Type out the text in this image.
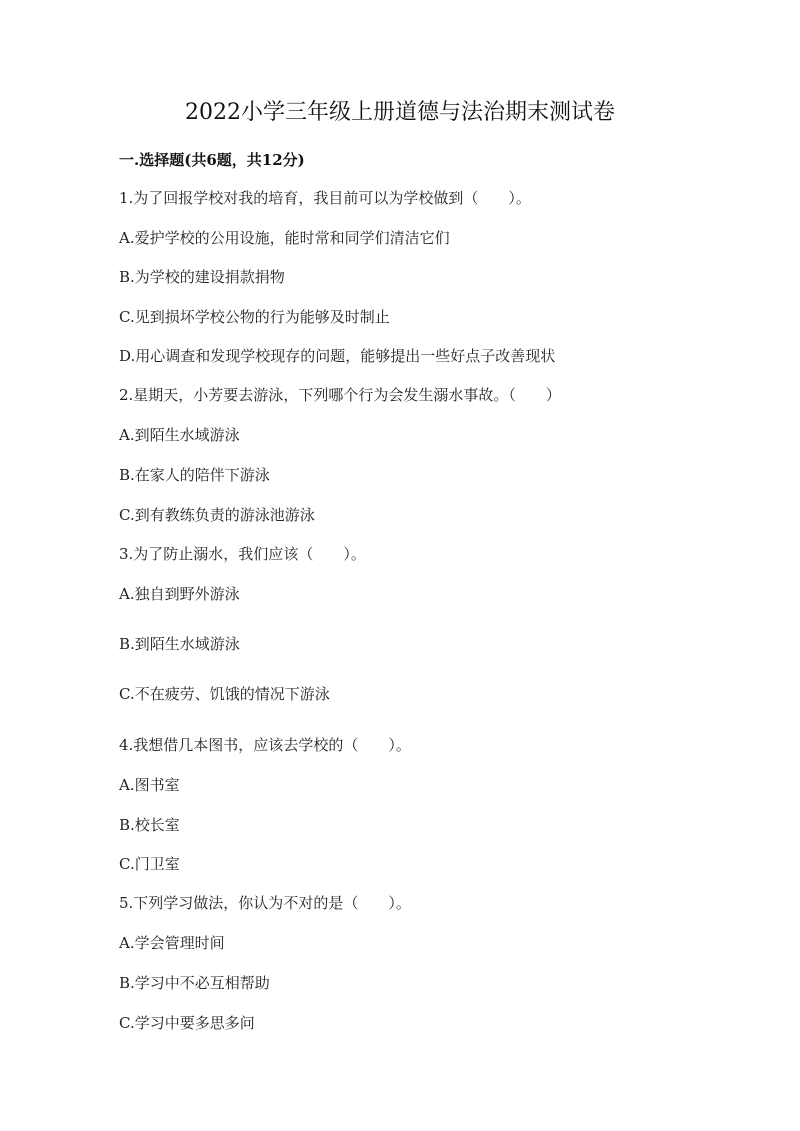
2022小学三年级上册道德与法治期末测试卷
一.选择题(共6题，共12分)
1.为了回报学校对我的培育，我目前可以为学校做到（　　）。
A.爱护学校的公用设施，能时常和同学们清洁它们
B.为学校的建设捐款捐物
C.见到损坏学校公物的行为能够及时制止
D.用心调查和发现学校现存的问题，能够提出一些好点子改善现状
2.星期天，小芳要去游泳，下列哪个行为会发生溺水事故。（　　）
A.到陌生水域游泳
B.在家人的陪伴下游泳
C.到有教练负责的游泳池游泳
3.为了防止溺水，我们应该（　　）。
A.独自到野外游泳
B.到陌生水域游泳
C.不在疲劳、饥饿的情况下游泳
4.我想借几本图书，应该去学校的（　　）。
A.图书室
B.校长室
C.门卫室
5.下列学习做法，你认为不对的是（　　）。
A.学会管理时间
B.学习中不必互相帮助
C.学习中要多思多问
